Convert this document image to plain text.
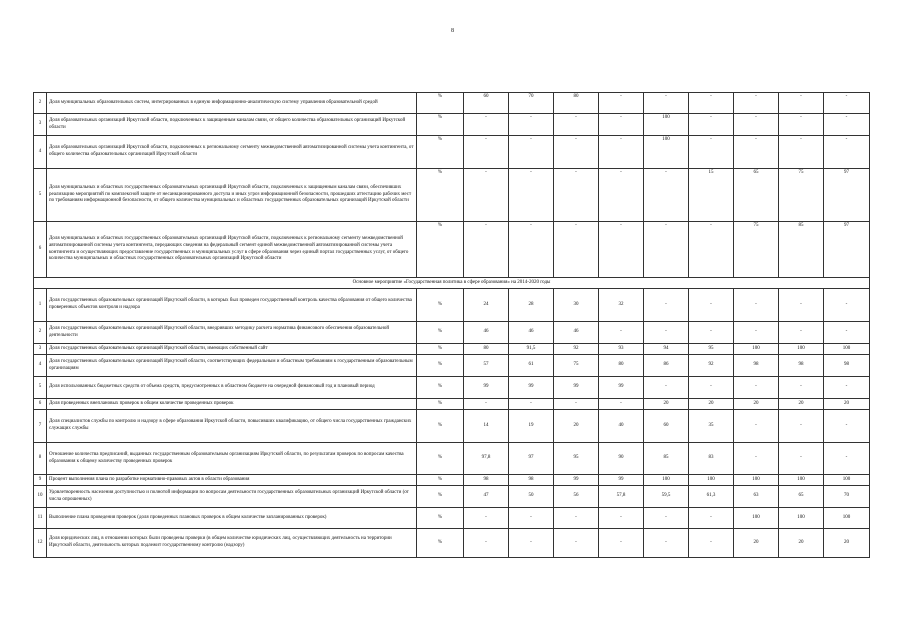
8
2	Доля муниципальных образовательных систем, интегрированных в единую информационно-аналитическую систему управления образовательной средой	%	60	70	80	-	-	-	-	-	-
3	Доля образовательных организаций Иркутской области, подключенных к защищенным каналам связи, от общего количества образовательных организаций Иркутской области	%	-	-	-	-	100	-	-	-	-
4	Доля образовательных организаций Иркутской области, подключенных к региональному сегменту межведомственной автоматизированной системы учета контингента, от общего количества образовательных организаций Иркутской области	%	-	-	-	-	100	-	-	-	-
5	Доля муниципальных и областных государственных образовательных организаций Иркутской области, подключенных к защищенным каналам связи, обеспечивших реализацию мероприятий по комплексной защите от несанкционированного доступа и иных угроз информационной безопасности, прошедших аттестацию рабочих мест по требованиям информационной безопасности, от общего количества муниципальных и областных государственных образовательных организаций Иркутской области	%	-	-	-	-	-	15	65	75	97
6	Доля муниципальных и областных государственных образовательных организаций Иркутской области, подключенных к региональному сегменту межведомственной автоматизированной системы учета контингента, передающих сведения на федеральный сегмент единой межведомственной автоматизированной системы учета контингента и осуществляющих предоставление государственных и муниципальных услуг в сфере образования через единый портал государственных услуг, от общего количества муниципальных и областных государственных образовательных организаций Иркутской области	%	-	-	-	-	-	-	75	85	97
Основное мероприятие «Государственная политика в сфере образования» на 2014-2020 годы											
1	Доля государственных образовательных организаций Иркутской области, в которых был проведен государственный контроль качества образования от общего количества проверенных объектов контроля и надзора	%	24	28	30	32	-	-	-	-	-
2	Доля государственных образовательных организаций Иркутской области, внедривших методику расчета норматива финансового обеспечения образовательной деятельности	%	46	46	46	-	-	-	-	-	-
3	Доля государственных образовательных организаций Иркутской области, имеющих собственный сайт	%	80	91,5	92	93	94	95	100	100	100
4	Доля государственных образовательных организаций Иркутской области, соответствующих федеральным и областным требованиям к государственным образовательным организациям	%	57	61	75	80	86	92	98	98	98
5	Доля использованных бюджетных средств от объема средств, предусмотренных в областном бюджете на очередной финансовый год и плановый период	%	99	99	99	99	-	-	-	-	-
6	Доля проведенных внеплановых проверок в общем количестве проведенных проверок	%	-	-	-	-	20	20	20	20	20
7	Доля специалистов службы по контролю и надзору в сфере образования Иркутской области, повысивших квалификацию, от общего числа государственных гражданских служащих службы	%	14	19	20	40	60	35	-	-	-
8	Отношение количества предписаний, выданных государственным образовательным организациям Иркутской области, по результатам проверок по вопросам качества образования к общему количеству проведенных проверок	%	97,8	97	95	90	85	83	-	-	-
9	Процент выполнения плана по разработке нормативно-правовых актов в области образования	%	98	98	99	99	100	100	100	100	100
10	Удовлетворенность населения доступностью и полнотой информации по вопросам деятельности государственных образовательных организаций Иркутской области (от числа опрошенных)	%	47	50	56	57,8	59,5	61,3	63	65	70
11	Выполнение плана проведения проверок (доля проведенных плановых проверок в общем количестве запланированных проверок)	%	-	-	-	-	-	-	100	100	100
12	Доля юридических лиц, в отношении которых были проведены проверки (в общем количестве юридических лиц, осуществляющих деятельность на территории Иркутской области, деятельность которых подлежит государственному контролю (надзору)	%	-	-	-	-	-	-	20	20	20
